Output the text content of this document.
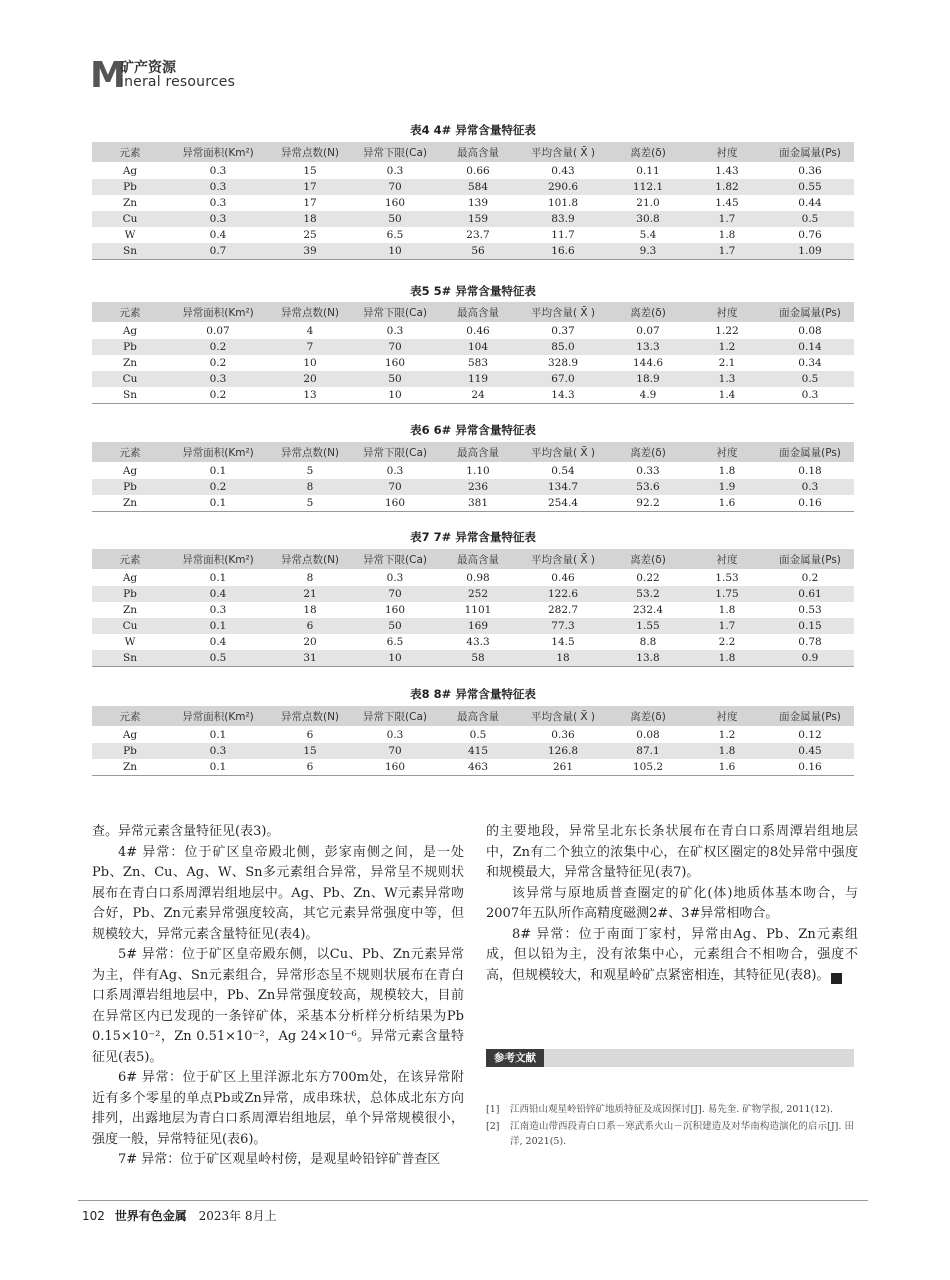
M
矿产资源
ineral resources
表4 4# 异常含量特征表
元素	异常面积(Km²)	异常点数(N)	异常下限(Ca)	最高含量	平均含量( X̄ )	离差(δ)	衬度	面金属量(Ps)
Ag	0.3	15	0.3	0.66	0.43	0.11	1.43	0.36
Pb	0.3	17	70	584	290.6	112.1	1.82	0.55
Zn	0.3	17	160	139	101.8	21.0	1.45	0.44
Cu	0.3	18	50	159	83.9	30.8	1.7	0.5
W	0.4	25	6.5	23.7	11.7	5.4	1.8	0.76
Sn	0.7	39	10	56	16.6	9.3	1.7	1.09
表5 5# 异常含量特征表
元素	异常面积(Km²)	异常点数(N)	异常下限(Ca)	最高含量	平均含量( X̄ )	离差(δ)	衬度	面金属量(Ps)
Ag	0.07	4	0.3	0.46	0.37	0.07	1.22	0.08
Pb	0.2	7	70	104	85.0	13.3	1.2	0.14
Zn	0.2	10	160	583	328.9	144.6	2.1	0.34
Cu	0.3	20	50	119	67.0	18.9	1.3	0.5
Sn	0.2	13	10	24	14.3	4.9	1.4	0.3
表6 6# 异常含量特征表
元素	异常面积(Km²)	异常点数(N)	异常下限(Ca)	最高含量	平均含量( X̄ )	离差(δ)	衬度	面金属量(Ps)
Ag	0.1	5	0.3	1.10	0.54	0.33	1.8	0.18
Pb	0.2	8	70	236	134.7	53.6	1.9	0.3
Zn	0.1	5	160	381	254.4	92.2	1.6	0.16
表7 7# 异常含量特征表
元素	异常面积(Km²)	异常点数(N)	异常下限(Ca)	最高含量	平均含量( X̄ )	离差(δ)	衬度	面金属量(Ps)
Ag	0.1	8	0.3	0.98	0.46	0.22	1.53	0.2
Pb	0.4	21	70	252	122.6	53.2	1.75	0.61
Zn	0.3	18	160	1101	282.7	232.4	1.8	0.53
Cu	0.1	6	50	169	77.3	1.55	1.7	0.15
W	0.4	20	6.5	43.3	14.5	8.8	2.2	0.78
Sn	0.5	31	10	58	18	13.8	1.8	0.9
表8 8# 异常含量特征表
元素	异常面积(Km²)	异常点数(N)	异常下限(Ca)	最高含量	平均含量( X̄ )	离差(δ)	衬度	面金属量(Ps)
Ag	0.1	6	0.3	0.5	0.36	0.08	1.2	0.12
Pb	0.3	15	70	415	126.8	87.1	1.8	0.45
Zn	0.1	6	160	463	261	105.2	1.6	0.16

查。异常元素含量特征见(表3)。

4# 异常：位于矿区皇帝殿北侧，彭家南侧之间，是一处Pb、Zn、Cu、Ag、W、Sn多元素组合异常，异常呈不规则状展布在青白口系周潭岩组地层中。Ag、Pb、Zn、W元素异常吻合好，Pb、Zn元素异常强度较高，其它元素异常强度中等，但规模较大，异常元素含量特征见(表4)。

5# 异常：位于矿区皇帝殿东侧，以Cu、Pb、Zn元素异常为主，伴有Ag、Sn元素组合，异常形态呈不规则状展布在青白口系周潭岩组地层中，Pb、Zn异常强度较高，规模较大，目前在异常区内已发现的一条锌矿体，采基本分析样分析结果为Pb 0.15×10⁻²，Zn 0.51×10⁻²，Ag 24×10⁻⁶。异常元素含量特征见(表5)。

6# 异常：位于矿区上里洋源北东方700m处，在该异常附近有多个零星的单点Pb或Zn异常，成串珠状，总体成北东方向排列，出露地层为青白口系周潭岩组地层，单个异常规模很小，强度一般，异常特征见(表6)。

7# 异常：位于矿区观星岭村傍，是观星岭铅锌矿普查区

的主要地段，异常呈北东长条状展布在青白口系周潭岩组地层中，Zn有二个独立的浓集中心，在矿权区圈定的8处异常中强度和规模最大，异常含量特征见(表7)。

该异常与原地质普查圈定的矿化(体)地质体基本吻合，与2007年五队所作高精度磁测2#、3#异常相吻合。

8# 异常：位于南面丁家村，异常由Ag、Pb、Zn元素组成，但以铅为主，没有浓集中心，元素组合不相吻合，强度不高，但规模较大，和观星岭矿点紧密相连，其特征见(表8)。	田

参考文献
[1] 江西铅山观星岭铅锌矿地质特征及成因探讨[J]. 易先奎. 矿物学报, 2011(12).
[2] 江南造山带西段青白口系－寒武系火山－沉积建造及对华南构造演化的启示[J]. 田洋, 2021(5).
102 世界有色金属 2023年 8月上
